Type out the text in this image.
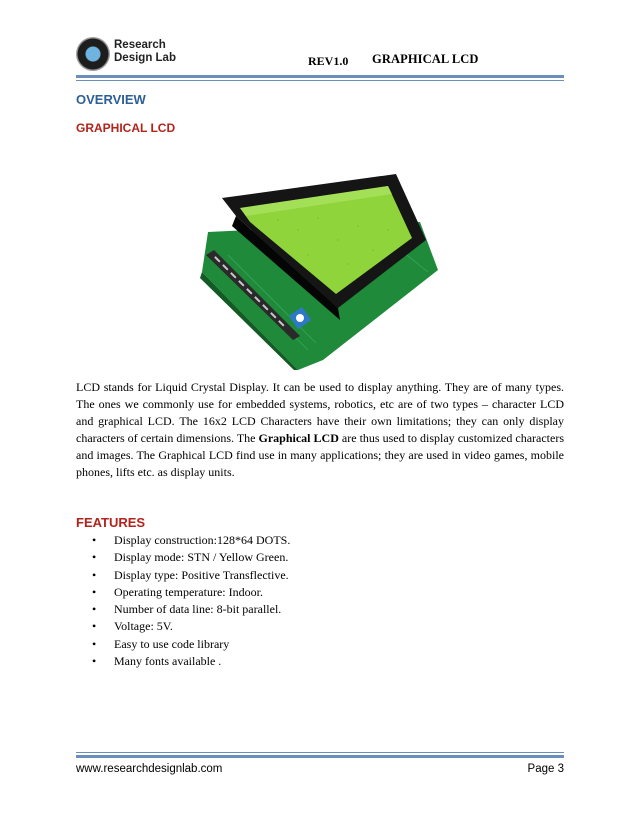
Research
Design Lab	REV1.0 GRAPHICAL LCD
OVERVIEW
GRAPHICAL LCD
LCD stands for Liquid Crystal Display. It can be used to display anything. They are of many types. The ones we commonly use for embedded systems, robotics, etc are of two types – character LCD and graphical LCD. The 16x2 LCD Characters have their own limitations; they can only display characters of certain dimensions. The Graphical LCD are thus used to display customized characters and images. The Graphical LCD find use in many applications; they are used in video games, mobile phones, lifts etc. as display units.
FEATURES
• Display construction:128*64 DOTS.
• Display mode: STN / Yellow Green.
• Display type: Positive Transflective.
• Operating temperature: Indoor.
• Number of data line: 8-bit parallel.
• Voltage: 5V.
• Easy to use code library
• Many fonts available .
www.researchdesignlab.com	Page 3
